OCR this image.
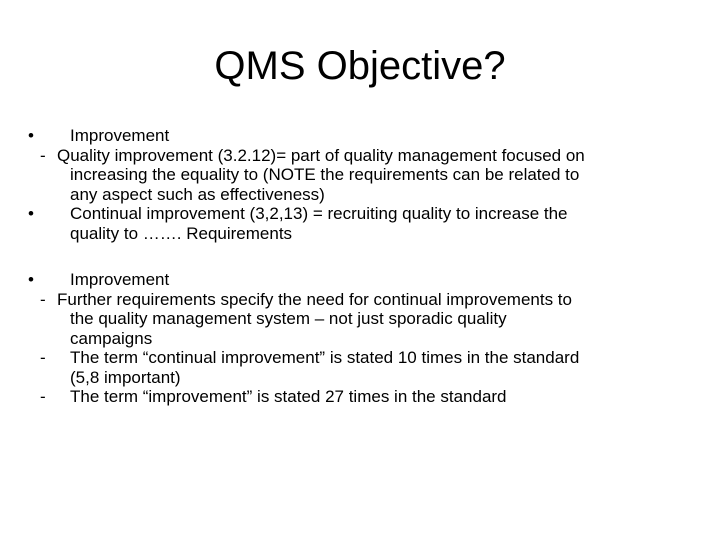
QMS Objective?
•	Improvement
- Quality improvement (3.2.12)= part of quality management focused on
increasing the equality to (NOTE the requirements can be related to
any aspect such as effectiveness)
•	Continual improvement (3,2,13) = recruiting quality to increase the
quality to ……. Requirements
•	Improvement
- Further requirements specify the need for continual improvements to
the quality management system – not just sporadic quality
campaigns
-	The term “continual improvement” is stated 10 times in the standard
(5,8 important)
-	The term “improvement” is stated 27 times in the standard
